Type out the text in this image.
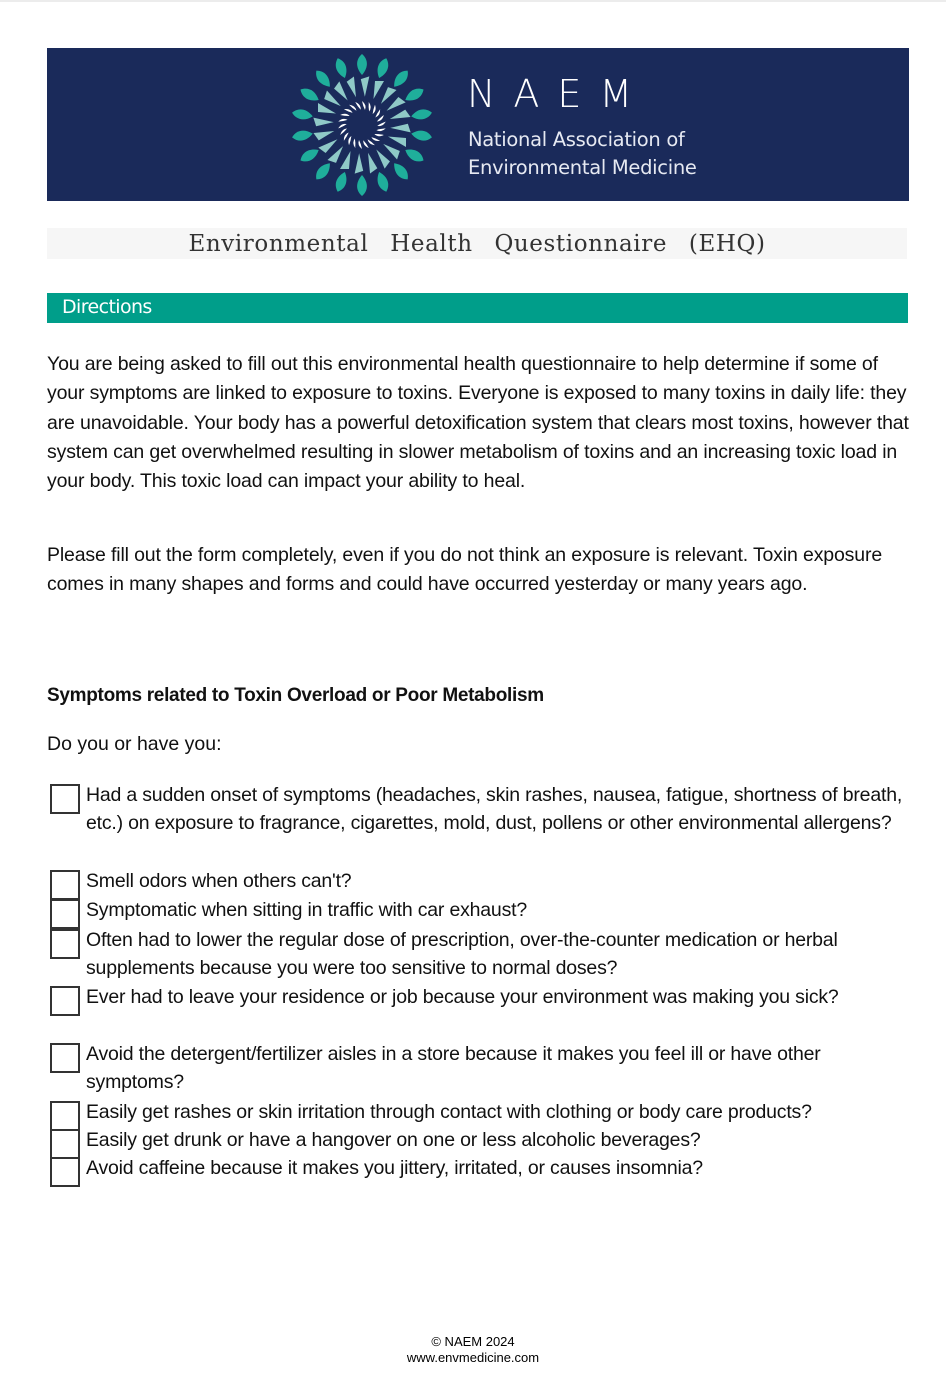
NAEM
National Association of
Environmental Medicine
Environmental  Health  Questionnaire  (EHQ)
Directions

You are being asked to fill out this environmental health questionnaire to help determine if some of your symptoms are linked to exposure to toxins. Everyone is exposed to many toxins in daily life: they are unavoidable. Your body has a powerful detoxification system that clears most toxins, however that system can get overwhelmed resulting in slower metabolism of toxins and an increasing toxic load in your body. This toxic load can impact your ability to heal.

Please fill out the form completely, even if you do not think an exposure is relevant. Toxin exposure comes in many shapes and forms and could have occurred yesterday or many years ago.

Symptoms related to Toxin Overload or Poor Metabolism

Do you or have you:

Had a sudden onset of symptoms (headaches, skin rashes, nausea, fatigue, shortness of breath, etc.) on exposure to fragrance, cigarettes, mold, dust, pollens or other environmental allergens?
Smell odors when others can't?
Symptomatic when sitting in traffic with car exhaust?
Often had to lower the regular dose of prescription, over-the-counter medication or herbal supplements because you were too sensitive to normal doses?
Ever had to leave your residence or job because your environment was making you sick?
Avoid the detergent/fertilizer aisles in a store because it makes you feel ill or have other symptoms?
Easily get rashes or skin irritation through contact with clothing or body care products?
Easily get drunk or have a hangover on one or less alcoholic beverages?
Avoid caffeine because it makes you jittery, irritated, or causes insomnia?
© NAEM 2024
www.envmedicine.com
